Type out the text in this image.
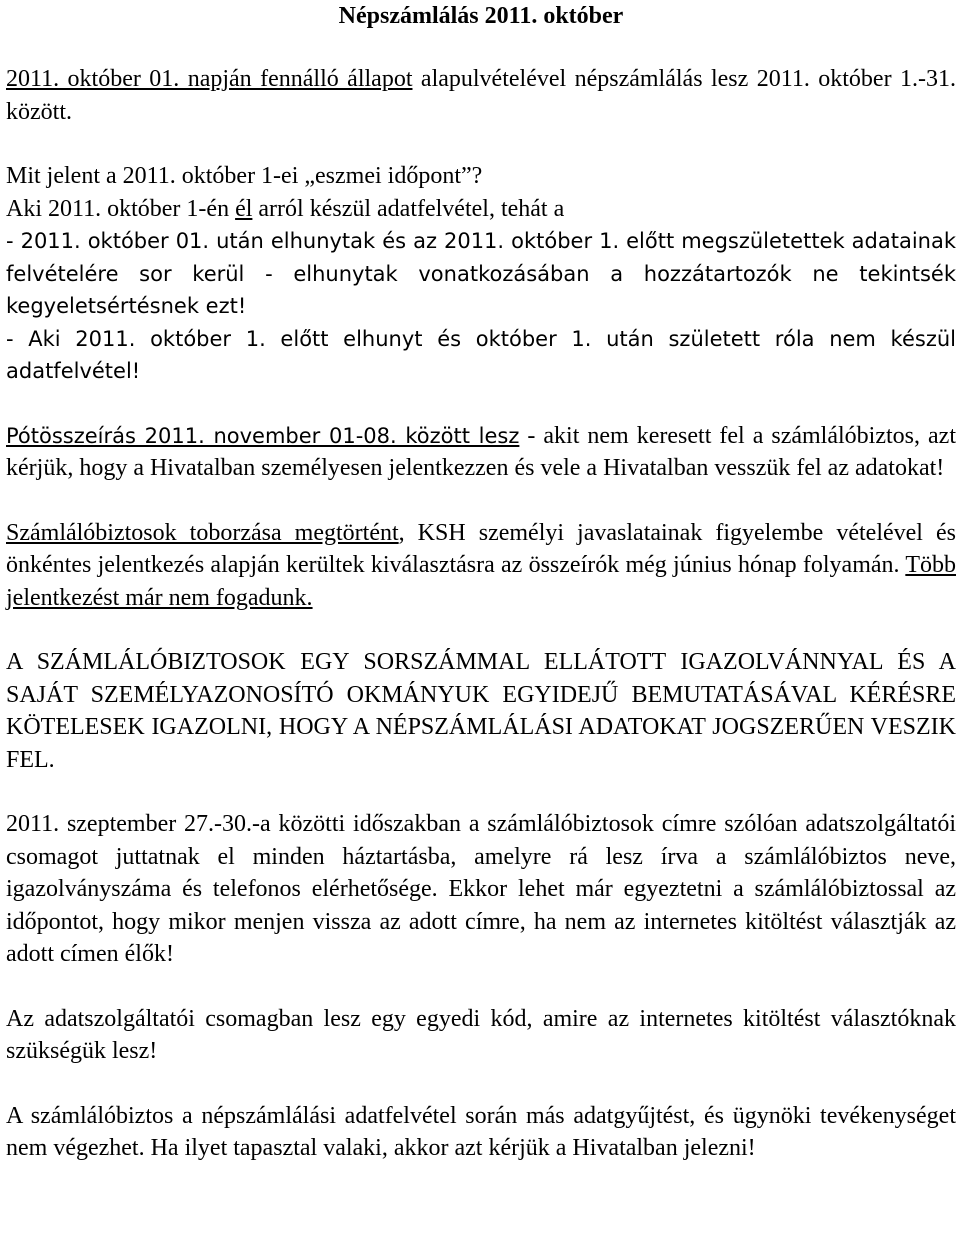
Népszámlálás 2011. október

2011. október 01. napján fennálló állapot alapulvételével népszámlálás lesz 2011. október 1.-31. között.

Mit jelent a 2011. október 1-ei „eszmei időpont”?

Aki 2011. október 1-én él arról készül adatfelvétel, tehát a

- 2011. október 01. után elhunytak és az 2011. október 1. előtt megszületettek adatainak felvételére sor kerül - elhunytak vonatkozásában a hozzátartozók ne tekintsék kegyeletsértésnek ezt!

- Aki 2011. október 1. előtt elhunyt és október 1. után született róla nem készül adatfelvétel!

Pótösszeírás 2011. november 01-08. között lesz - akit nem keresett fel a számlálóbiztos, azt kérjük, hogy a Hivatalban személyesen jelentkezzen és vele a Hivatalban vesszük fel az adatokat!

Számlálóbiztosok toborzása megtörtént, KSH személyi javaslatainak figyelembe vételével és önkéntes jelentkezés alapján kerültek kiválasztásra az összeírók még június hónap folyamán. Több jelentkezést már nem fogadunk.

A SZÁMLÁLÓBIZTOSOK EGY SORSZÁMMAL ELLÁTOTT IGAZOLVÁNNYAL ÉS A SAJÁT SZEMÉLYAZONOSÍTÓ OKMÁNYUK EGYIDEJŰ BEMUTATÁSÁVAL KÉRÉSRE KÖTELESEK IGAZOLNI, HOGY A NÉPSZÁMLÁLÁSI ADATOKAT JOGSZERŰEN VESZIK FEL.

2011. szeptember 27.-30.-a közötti időszakban a számlálóbiztosok címre szólóan adatszolgáltatói csomagot juttatnak el minden háztartásba, amelyre rá lesz írva a számlálóbiztos neve, igazolványszáma és telefonos elérhetősége. Ekkor lehet már egyeztetni a számlálóbiztossal az időpontot, hogy mikor menjen vissza az adott címre, ha nem az internetes kitöltést választják az adott címen élők!

Az adatszolgáltatói csomagban lesz egy egyedi kód, amire az internetes kitöltést választóknak szükségük lesz!

A számlálóbiztos a népszámlálási adatfelvétel során más adatgyűjtést, és ügynöki tevékenységet nem végezhet. Ha ilyet tapasztal valaki, akkor azt kérjük a Hivatalban jelezni!
